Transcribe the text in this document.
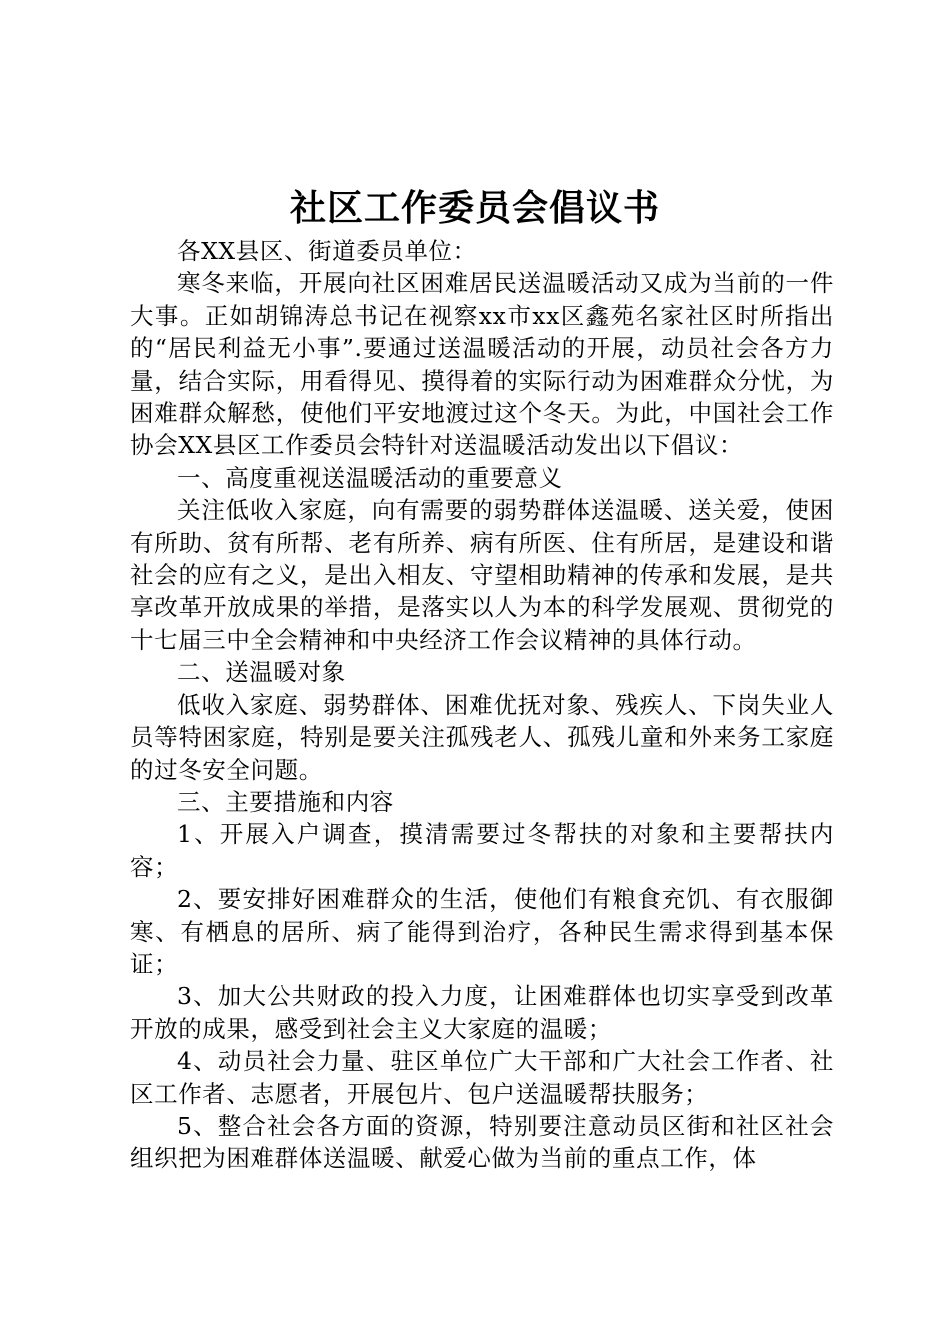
社区工作委员会倡议书

各XX县区、街道委员单位：

寒冬来临，开展向社区困难居民送温暖活动又成为当前的一件大事。正如胡锦涛总书记在视察xx市xx区鑫苑名家社区时所指出的“居民利益无小事”.要通过送温暖活动的开展，动员社会各方力量，结合实际，用看得见、摸得着的实际行动为困难群众分忧，为困难群众解愁，使他们平安地渡过这个冬天。为此，中国社会工作协会XX县区工作委员会特针对送温暖活动发出以下倡议：

一、高度重视送温暖活动的重要意义

关注低收入家庭，向有需要的弱势群体送温暖、送关爱，使困有所助、贫有所帮、老有所养、病有所医、住有所居，是建设和谐社会的应有之义，是出入相友、守望相助精神的传承和发展，是共享改革开放成果的举措，是落实以人为本的科学发展观、贯彻党的十七届三中全会精神和中央经济工作会议精神的具体行动。

二、送温暖对象

低收入家庭、弱势群体、困难优抚对象、残疾人、下岗失业人员等特困家庭，特别是要关注孤残老人、孤残儿童和外来务工家庭的过冬安全问题。

三、主要措施和内容

1、开展入户调查，摸清需要过冬帮扶的对象和主要帮扶内容；

2、要安排好困难群众的生活，使他们有粮食充饥、有衣服御寒、有栖息的居所、病了能得到治疗，各种民生需求得到基本保证；

3、加大公共财政的投入力度，让困难群体也切实享受到改革开放的成果，感受到社会主义大家庭的温暖；

4、动员社会力量、驻区单位广大干部和广大社会工作者、社区工作者、志愿者，开展包片、包户送温暖帮扶服务；

5、整合社会各方面的资源，特别要注意动员区街和社区社会组织把为困难群体送温暖、献爱心做为当前的重点工作，体
